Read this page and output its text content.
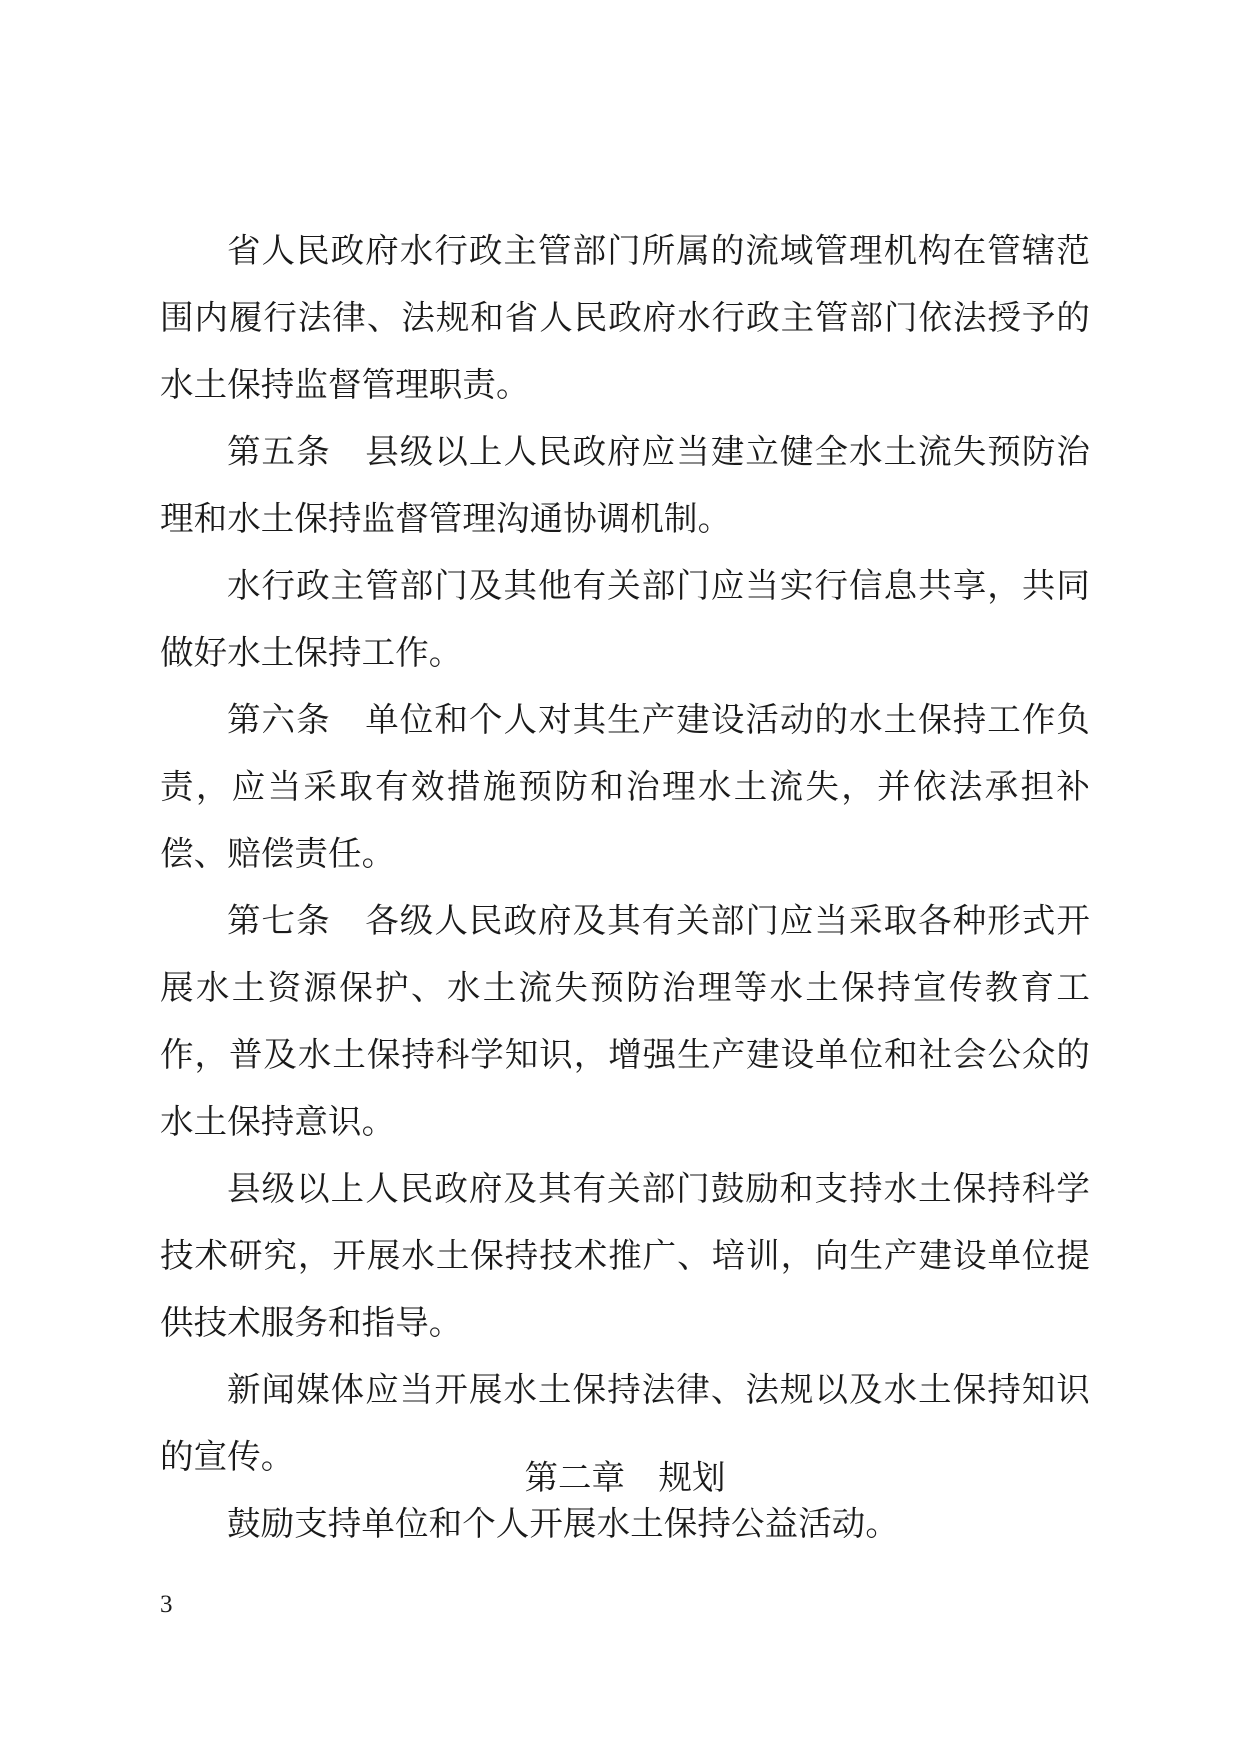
省人民政府水行政主管部门所属的流域管理机构在管辖范围内履行法律、法规和省人民政府水行政主管部门依法授予的水土保持监督管理职责。

第五条　县级以上人民政府应当建立健全水土流失预防治理和水土保持监督管理沟通协调机制。

水行政主管部门及其他有关部门应当实行信息共享，共同做好水土保持工作。

第六条　单位和个人对其生产建设活动的水土保持工作负责，应当采取有效措施预防和治理水土流失，并依法承担补偿、赔偿责任。

第七条　各级人民政府及其有关部门应当采取各种形式开展水土资源保护、水土流失预防治理等水土保持宣传教育工作，普及水土保持科学知识，增强生产建设单位和社会公众的水土保持意识。

县级以上人民政府及其有关部门鼓励和支持水土保持科学技术研究，开展水土保持技术推广、培训，向生产建设单位提供技术服务和指导。

新闻媒体应当开展水土保持法律、法规以及水土保持知识的宣传。

鼓励支持单位和个人开展水土保持公益活动。

第二章　规划
3
